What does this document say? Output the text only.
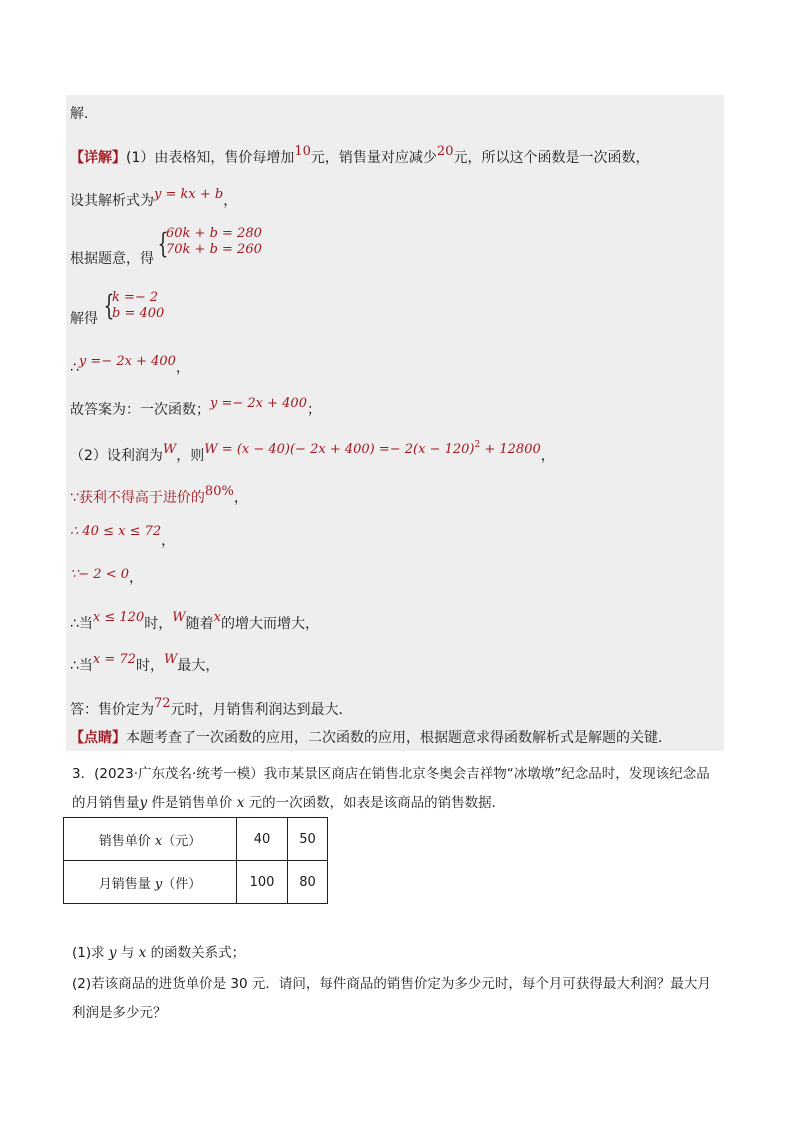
解．
【详解】(1）由表格知，售价每增加10元，销售量对应减少20元，所以这个函数是一次函数，
设其解析式为y = kx + b，
根据题意，得 {
60k + b = 280
70k + b = 260
解得 {
k =− 2
b = 400
∴y =− 2x + 400，
故答案为：一次函数；y =− 2x + 400；
（2）设利润为W，则$W = (x - 40)(- 2x + 400) =- 2(x - 120)^2 + 12800$，
∵获利不得高于进价的80%，
∴ 40 ≤ x ≤ 72，
∵− 2 < 0，
∴当x ≤ 120时，W随着x的增大而增大，
∴当x = 72时，W最大，
答：售价定为72元时，月销售利润达到最大．
【点睛】本题考查了一次函数的应用，二次函数的应用，根据题意求得函数解析式是解题的关键．
3．(2023·广东茂名·统考一模）我市某景区商店在销售北京冬奥会吉祥物“冰墩墩”纪念品时，发现该纪念品
的月销售量y 件是销售单价 x 元的一次函数，如表是该商品的销售数据．
销售单价 x（元）	40	50
月销售量 y（件）	100	80
(1)求 y 与 x 的函数关系式；
(2)若该商品的进货单价是 30 元．请问，每件商品的销售价定为多少元时，每个月可获得最大利润？最大月
利润是多少元？
